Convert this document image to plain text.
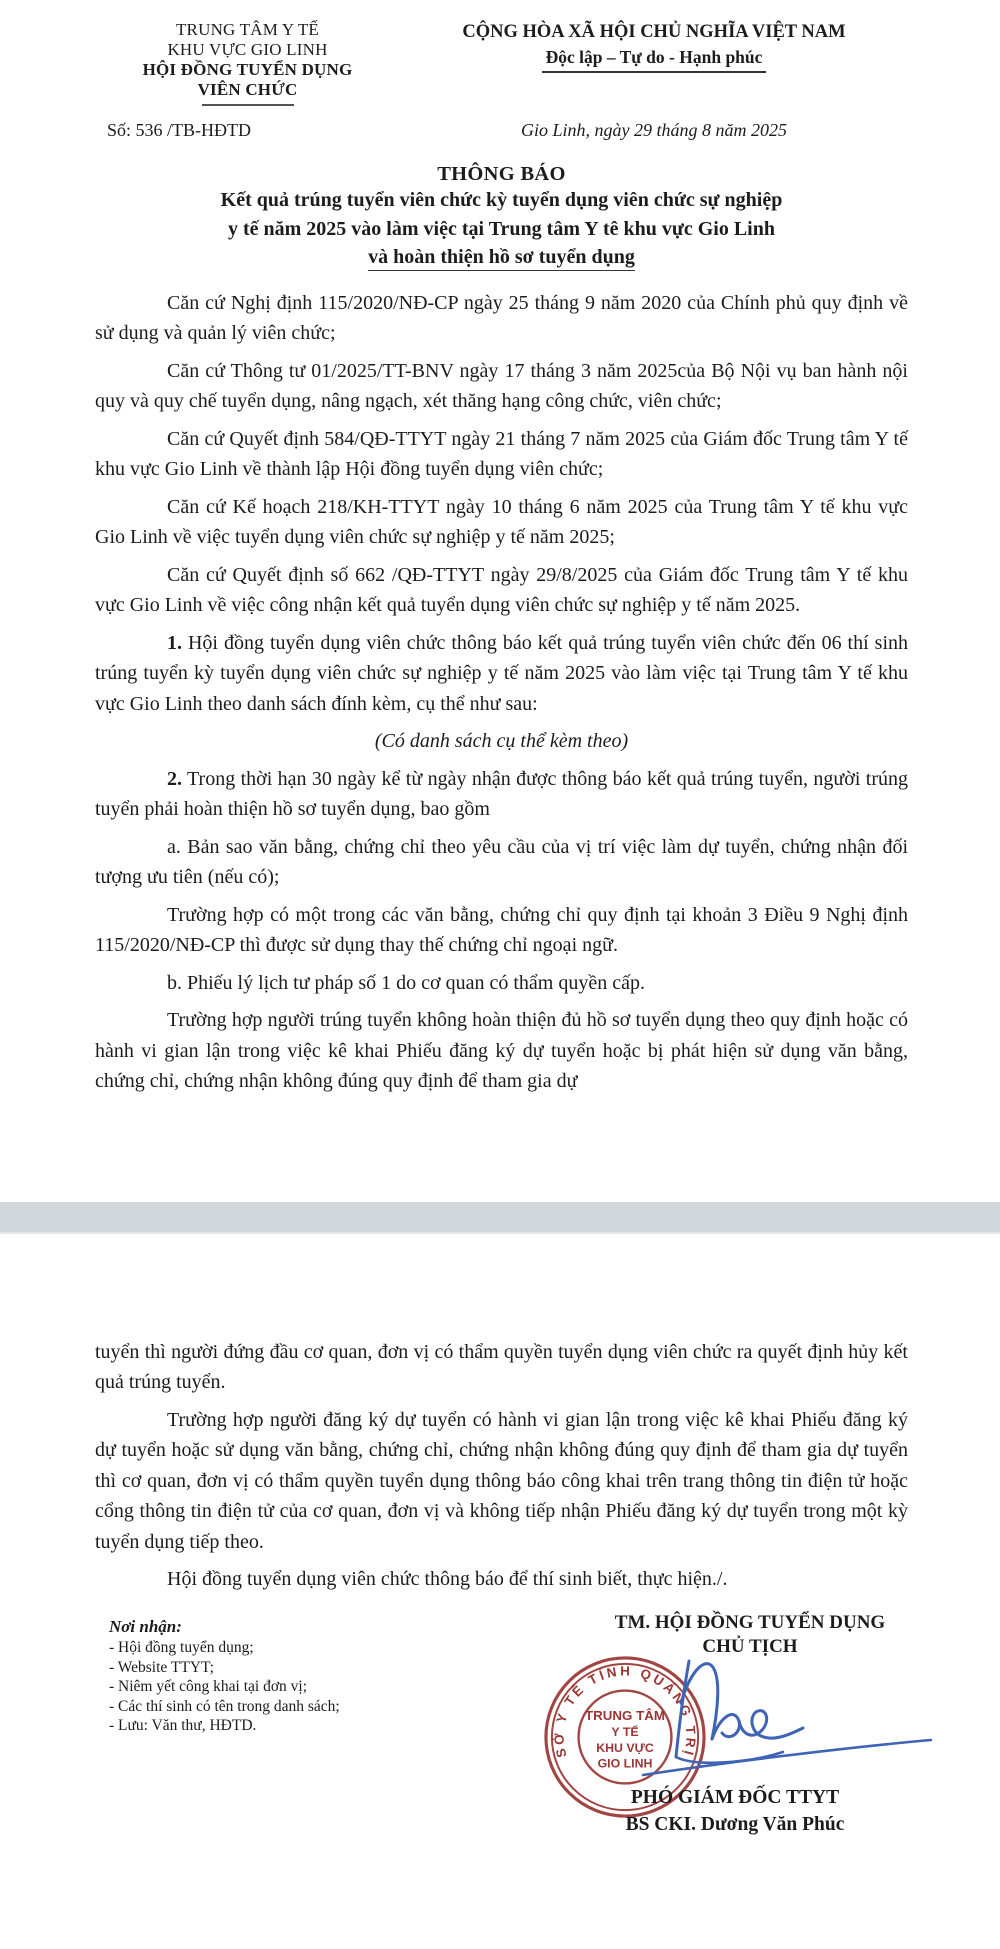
TRUNG TÂM Y TẾ
KHU VỰC GIO LINH
HỘI ĐỒNG TUYỂN DỤNG
VIÊN CHỨC
CỘNG HÒA XÃ HỘI CHỦ NGHĨA VIỆT NAM
Độc lập – Tự do - Hạnh phúc
Số: 536 /TB-HĐTD	Gio Linh, ngày 29 tháng 8 năm 2025
THÔNG BÁO
Kết quả trúng tuyển viên chức kỳ tuyển dụng viên chức sự nghiệp
y tế năm 2025 vào làm việc tại Trung tâm Y tê khu vực Gio Linh
và hoàn thiện hồ sơ tuyển dụng

Căn cứ Nghị định 115/2020/NĐ-CP ngày 25 tháng 9 năm 2020 của Chính phủ quy định về sử dụng và quản lý viên chức;

Căn cứ Thông tư 01/2025/TT-BNV ngày 17 tháng 3 năm 2025của Bộ Nội vụ ban hành nội quy và quy chế tuyển dụng, nâng ngạch, xét thăng hạng công chức, viên chức;

Căn cứ Quyết định 584/QĐ-TTYT ngày 21 tháng 7 năm 2025 của Giám đốc Trung tâm Y tế khu vực Gio Linh về thành lập Hội đồng tuyển dụng viên chức;

Căn cứ Kế hoạch 218/KH-TTYT ngày 10 tháng 6 năm 2025 của Trung tâm Y tế khu vực Gio Linh về việc tuyển dụng viên chức sự nghiệp y tế năm 2025;

Căn cứ Quyết định số 662 /QĐ-TTYT ngày 29/8/2025 của Giám đốc Trung tâm Y tế khu vực Gio Linh về việc công nhận kết quả tuyển dụng viên chức sự nghiệp y tế năm 2025.

1. Hội đồng tuyển dụng viên chức thông báo kết quả trúng tuyển viên chức đến 06 thí sinh trúng tuyển kỳ tuyển dụng viên chức sự nghiệp y tế năm 2025 vào làm việc tại Trung tâm Y tế khu vực Gio Linh theo danh sách đính kèm, cụ thể như sau:

(Có danh sách cụ thể kèm theo)

2. Trong thời hạn 30 ngày kể từ ngày nhận được thông báo kết quả trúng tuyển, người trúng tuyển phải hoàn thiện hồ sơ tuyển dụng, bao gồm

a. Bản sao văn bằng, chứng chỉ theo yêu cầu của vị trí việc làm dự tuyển, chứng nhận đối tượng ưu tiên (nếu có);

Trường hợp có một trong các văn bằng, chứng chỉ quy định tại khoản 3 Điều 9 Nghị định 115/2020/NĐ-CP thì được sử dụng thay thế chứng chỉ ngoại ngữ.

b. Phiếu lý lịch tư pháp số 1 do cơ quan có thẩm quyền cấp.

Trường hợp người trúng tuyển không hoàn thiện đủ hồ sơ tuyển dụng theo quy định hoặc có hành vi gian lận trong việc kê khai Phiếu đăng ký dự tuyển hoặc bị phát hiện sử dụng văn bằng, chứng chỉ, chứng nhận không đúng quy định để tham gia dự

tuyển thì người đứng đầu cơ quan, đơn vị có thẩm quyền tuyển dụng viên chức ra quyết định hủy kết quả trúng tuyển.

Trường hợp người đăng ký dự tuyển có hành vi gian lận trong việc kê khai Phiếu đăng ký dự tuyển hoặc sử dụng văn bằng, chứng chỉ, chứng nhận không đúng quy định để tham gia dự tuyển thì cơ quan, đơn vị có thẩm quyền tuyển dụng thông báo công khai trên trang thông tin điện tử hoặc cổng thông tin điện tử của cơ quan, đơn vị và không tiếp nhận Phiếu đăng ký dự tuyển trong một kỳ tuyển dụng tiếp theo.

Hội đồng tuyển dụng viên chức thông báo để thí sinh biết, thực hiện./.

Nơi nhận:
- Hội đồng tuyển dụng;
- Website TTYT;
- Niêm yết công khai tại đơn vị;
- Các thí sinh có tên trong danh sách;
- Lưu: Văn thư, HĐTD.
TM. HỘI ĐỒNG TUYỂN DỤNG
CHỦ TỊCH
SỞ Y TẾ TỈNH QUẢNG TRỊ
TRUNG TÂM
Y TẾ
KHU VỰC
GIO LINH
PHÓ GIÁM ĐỐC TTYT
BS CKI. Dương Văn Phúc
